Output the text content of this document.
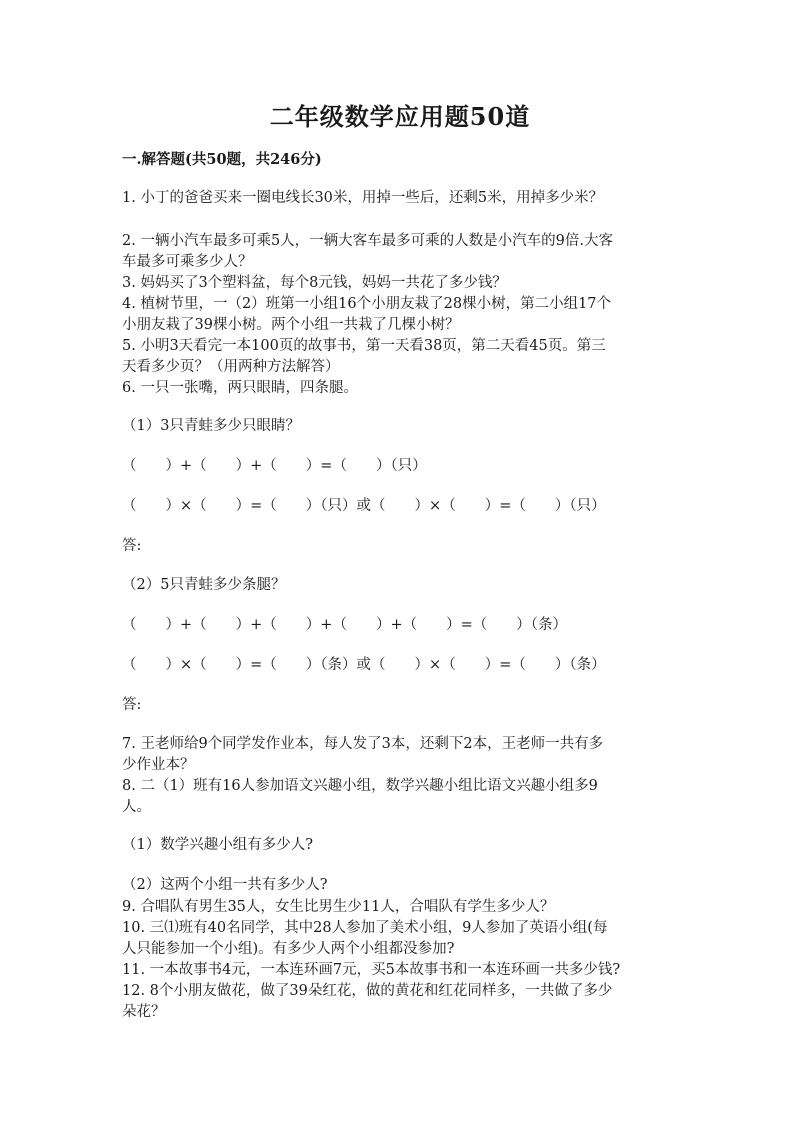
二年级数学应用题50道
一.解答题(共50题，共246分)
1. 小丁的爸爸买来一圈电线长30米，用掉一些后，还剩5米，用掉多少米？
2. 一辆小汽车最多可乘5人，一辆大客车最多可乘的人数是小汽车的9倍.大客
车最多可乘多少人？
3. 妈妈买了3个塑料盆，每个8元钱，妈妈一共花了多少钱？
4. 植树节里，一（2）班第一小组16个小朋友栽了28棵小树，第二小组17个
小朋友栽了39棵小树。两个小组一共栽了几棵小树？
5. 小明3天看完一本100页的故事书，第一天看38页，第二天看45页。第三
天看多少页？（用两种方法解答）
6. 一只一张嘴，两只眼睛，四条腿。
（1）3只青蛙多少只眼睛？
（　　）+（　　）+（　　）=（　　）（只）
（　　）×（　　）=（　　）（只）或（　　）×（　　）=（　　）（只）
答:
（2）5只青蛙多少条腿？
（　　）+（　　）+（　　）+（　　）+（　　）=（　　）（条）
（　　）×（　　）=（　　）（条）或（　　）×（　　）=（　　）（条）
答:
7. 王老师给9个同学发作业本，每人发了3本，还剩下2本，王老师一共有多
少作业本？
8. 二（1）班有16人参加语文兴趣小组，数学兴趣小组比语文兴趣小组多9
人。
（1）数学兴趣小组有多少人?
（2）这两个小组一共有多少人?
9. 合唱队有男生35人，女生比男生少11人，合唱队有学生多少人？
10. 三⑴班有40名同学，其中28人参加了美术小组，9人参加了英语小组(每
人只能参加一个小组)。有多少人两个小组都没参加?
11. 一本故事书4元，一本连环画7元，买5本故事书和一本连环画一共多少钱?
12. 8个小朋友做花，做了39朵红花，做的黄花和红花同样多，一共做了多少
朵花？
